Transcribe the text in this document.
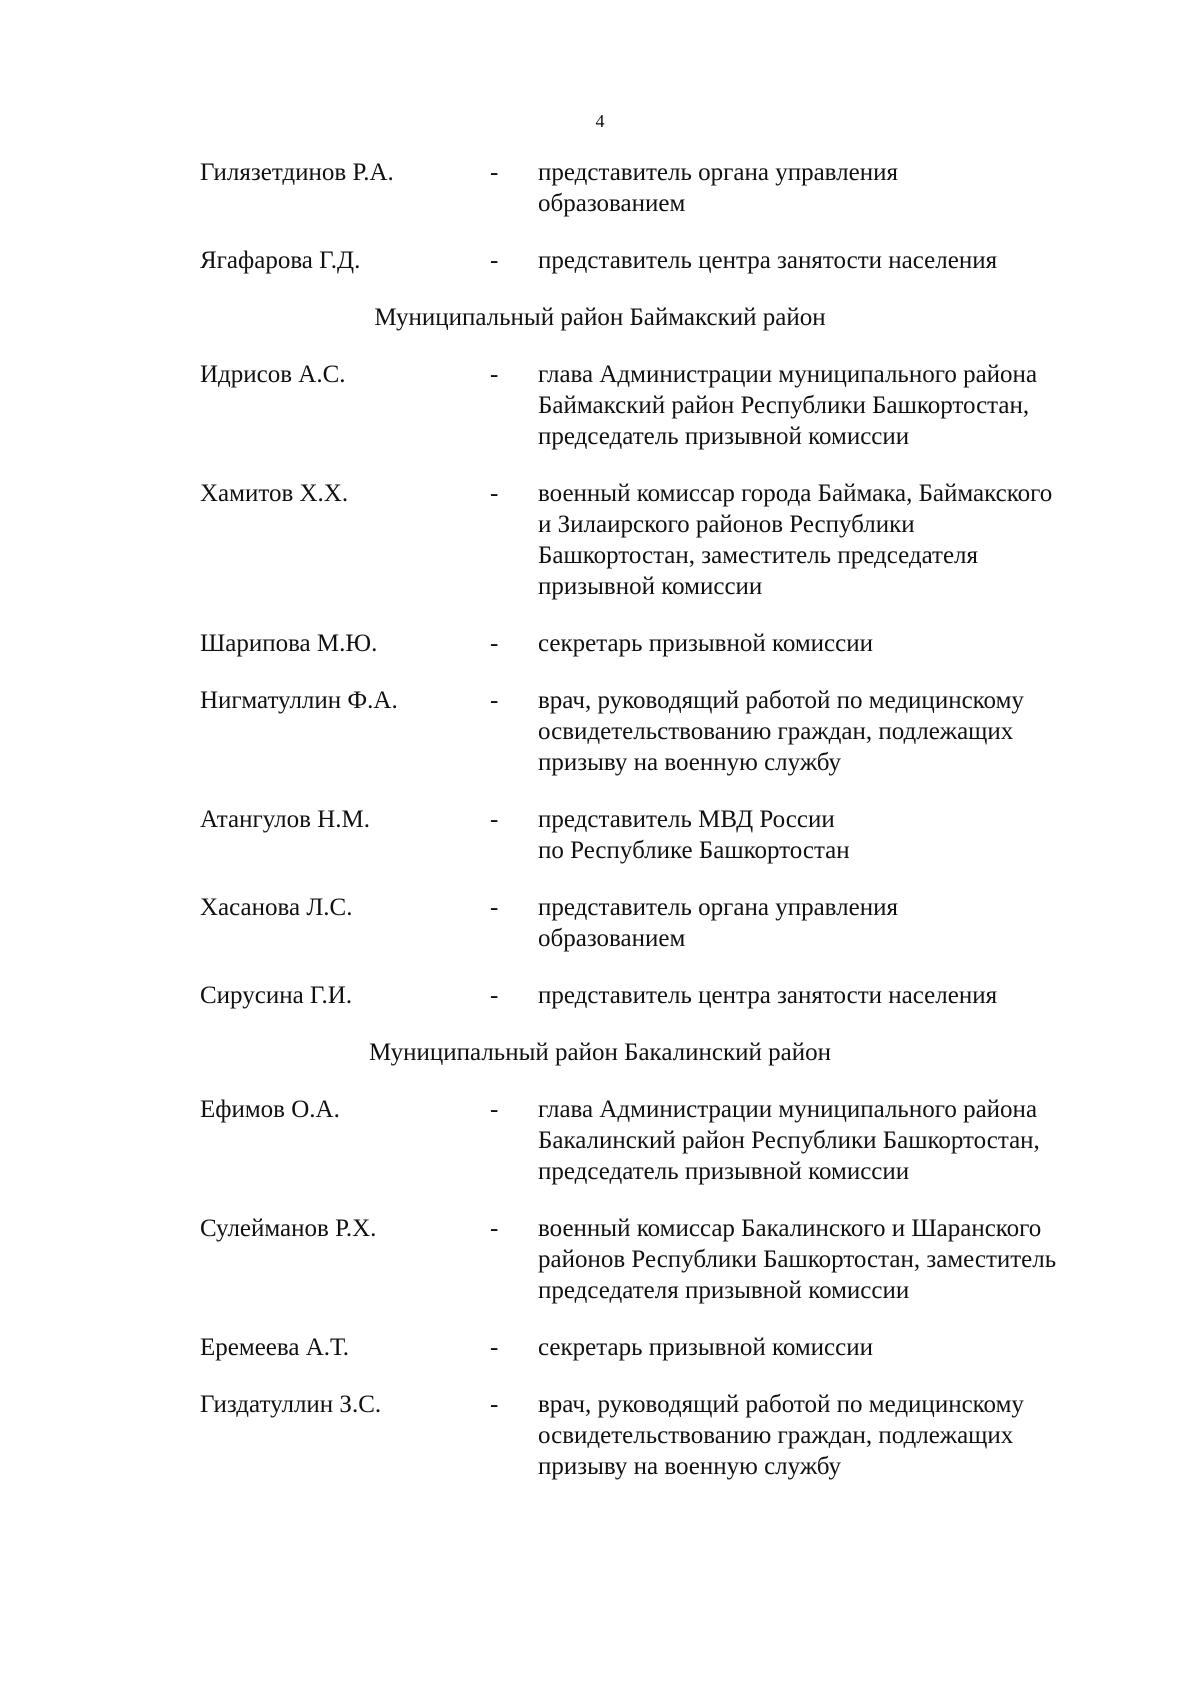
4
Гилязетдинов Р.А.	- представитель органа управления
образованием
Ягафарова Г.Д.	- представитель центра занятости населения
Муниципальный район Баймакский район
Идрисов А.С.	- глава Администрации муниципального района
Баймакский район Республики Башкортостан,
председатель призывной комиссии
Хамитов Х.Х.	- военный комиссар города Баймака, Баймакского
и Зилаирского районов Республики
Башкортостан, заместитель председателя
призывной комиссии
Шарипова М.Ю.	- секретарь призывной комиссии
Нигматуллин Ф.А.	- врач, руководящий работой по медицинскому
освидетельствованию граждан, подлежащих
призыву на военную службу
Атангулов Н.М.	- представитель МВД России
по Республике Башкортостан
Хасанова Л.С.	- представитель органа управления
образованием
Сирусина Г.И.	- представитель центра занятости населения
Муниципальный район Бакалинский район
Ефимов О.А.	- глава Администрации муниципального района
Бакалинский район Республики Башкортостан,
председатель призывной комиссии
Сулейманов Р.Х.	- военный комиссар Бакалинского и Шаранского
районов Республики Башкортостан, заместитель
председателя призывной комиссии
Еремеева А.Т.	- секретарь призывной комиссии
Гиздатуллин З.С.	- врач, руководящий работой по медицинскому
освидетельствованию граждан, подлежащих
призыву на военную службу
